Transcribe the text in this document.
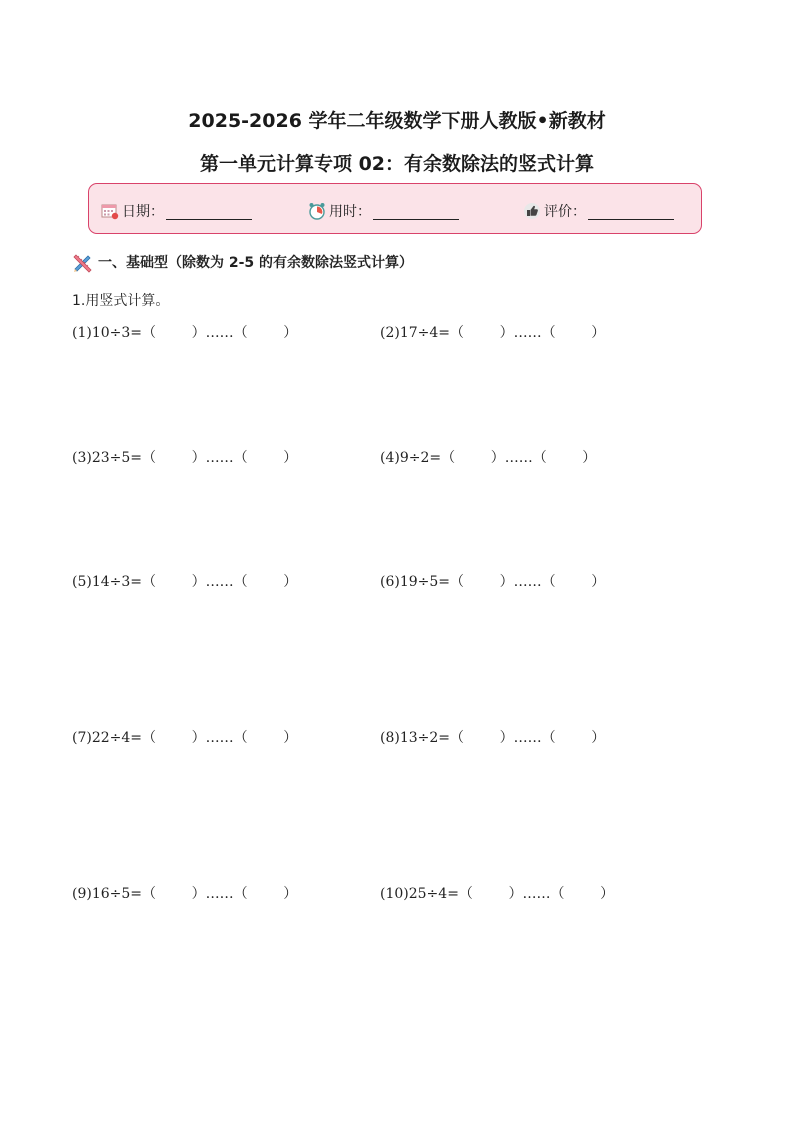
2025-2026 学年二年级数学下册人教版•新教材
第一单元计算专项 02：有余数除法的竖式计算
日期：	用时：	评价：
一、基础型（除数为 2-5 的有余数除法竖式计算）
1.用竖式计算。
(1)10÷3=（        ）……（        ）	(2)17÷4=（        ）……（        ）
(3)23÷5=（        ）……（        ）	(4)9÷2=（        ）……（        ）
(5)14÷3=（        ）……（        ）	(6)19÷5=（        ）……（        ）
(7)22÷4=（        ）……（        ）	(8)13÷2=（        ）……（        ）
(9)16÷5=（        ）……（        ）	(10)25÷4=（        ）……（        ）
